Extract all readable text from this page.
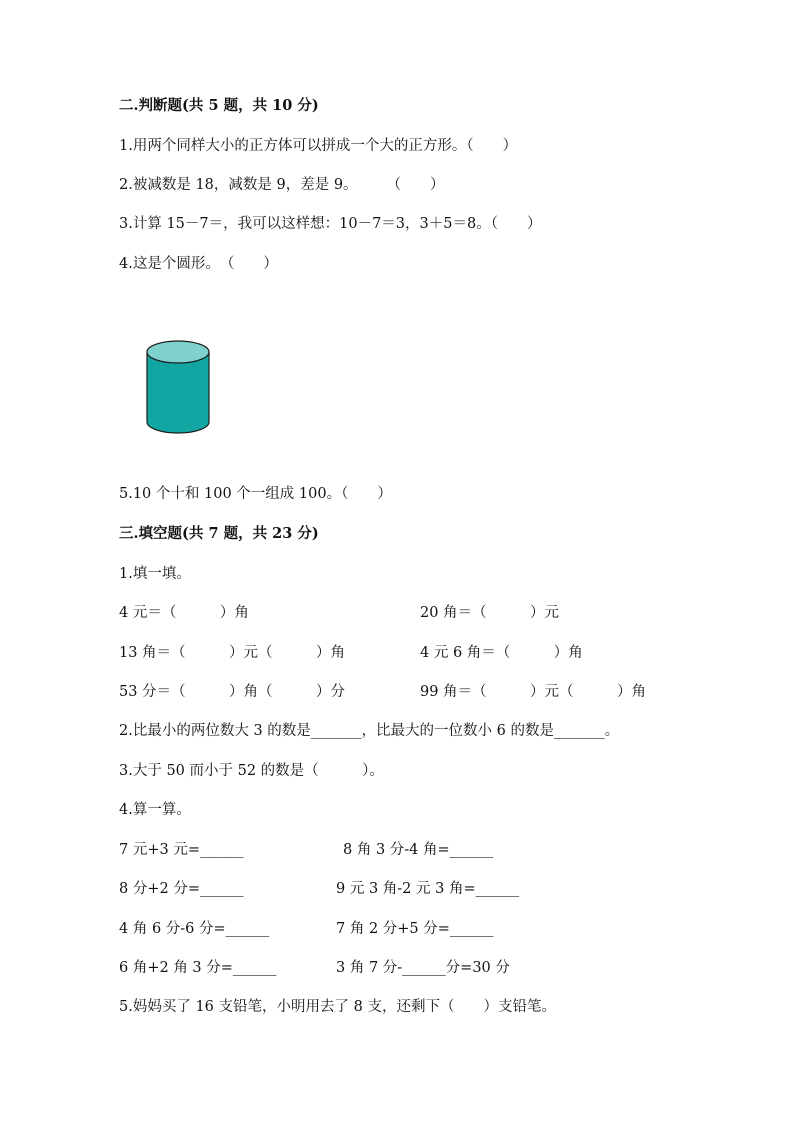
二.判断题(共 5 题，共 10 分)
1.用两个同样大小的正方体可以拼成一个大的正方形。（　　）
2.被减数是 18，减数是 9，差是 9。　　　（　　）
3.计算 15－7＝，我可以这样想：10－7＝3，3＋5＝8。（　　）
4.这是个圆形。　（　　）
5.10 个十和 100 个一组成 100。（　　）
三.填空题(共 7 题，共 23 分)
1.填一填。
4 元＝（　　　）角	20 角＝（　　　）元
13 角＝（　　　）元（　　　）角	4 元 6 角＝（　　　）角
53 分＝（　　　）角（　　　）分	99 角＝（　　　）元（　　　）角
2.比最小的两位数大 3 的数是_______，比最大的一位数小 6 的数是_______。
3.大于 50 而小于 52 的数是（　　　）。
4.算一算。
7 元+3 元=______	8 角 3 分-4 角=______
8 分+2 分=______	9 元 3 角-2 元 3 角=______
4 角 6 分-6 分=______	7 角 2 分+5 分=______
6 角+2 角 3 分=______	3 角 7 分-______分=30 分
5.妈妈买了 16 支铅笔，小明用去了 8 支，还剩下（　　）支铅笔。
